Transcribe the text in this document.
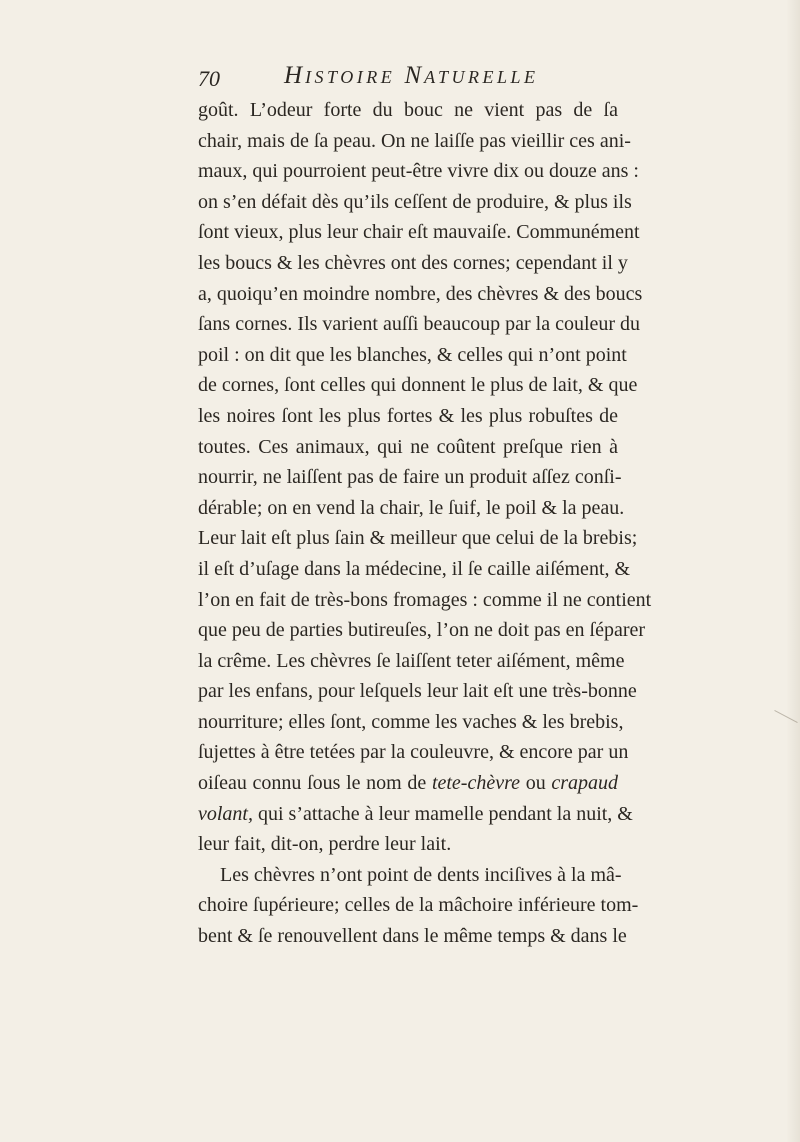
70	HISTOIRE NATURELLE
goût. L’odeur forte du bouc ne vient pas de ſa
chair, mais de ſa peau. On ne laiſſe pas vieillir ces ani-
maux, qui pourroient peut-être vivre dix ou douze ans :
on s’en défait dès qu’ils ceſſent de produire, & plus ils
ſont vieux, plus leur chair eſt mauvaiſe. Communément
les boucs & les chèvres ont des cornes; cependant il y
a, quoiqu’en moindre nombre, des chèvres & des boucs
ſans cornes. Ils varient auſſi beaucoup par la couleur du
poil : on dit que les blanches, & celles qui n’ont point
de cornes, ſont celles qui donnent le plus de lait, & que
les noires ſont les plus fortes & les plus robuſtes de
toutes. Ces animaux, qui ne coûtent preſque rien à
nourrir, ne laiſſent pas de faire un produit aſſez conſi-
dérable; on en vend la chair, le ſuif, le poil & la peau.
Leur lait eſt plus ſain & meilleur que celui de la brebis;
il eſt d’uſage dans la médecine, il ſe caille aiſément, &
l’on en fait de très-bons fromages : comme il ne contient
que peu de parties butireuſes, l’on ne doit pas en ſéparer
la crême. Les chèvres ſe laiſſent teter aiſément, même
par les enfans, pour leſquels leur lait eſt une très-bonne
nourriture; elles ſont, comme les vaches & les brebis,
ſujettes à être tetées par la couleuvre, & encore par un
oiſeau connu ſous le nom de tete-chèvre ou crapaud
volant, qui s’attache à leur mamelle pendant la nuit, &
leur fait, dit-on, perdre leur lait.
Les chèvres n’ont point de dents inciſives à la mâ-
choire ſupérieure; celles de la mâchoire inférieure tom-
bent & ſe renouvellent dans le même temps & dans le
